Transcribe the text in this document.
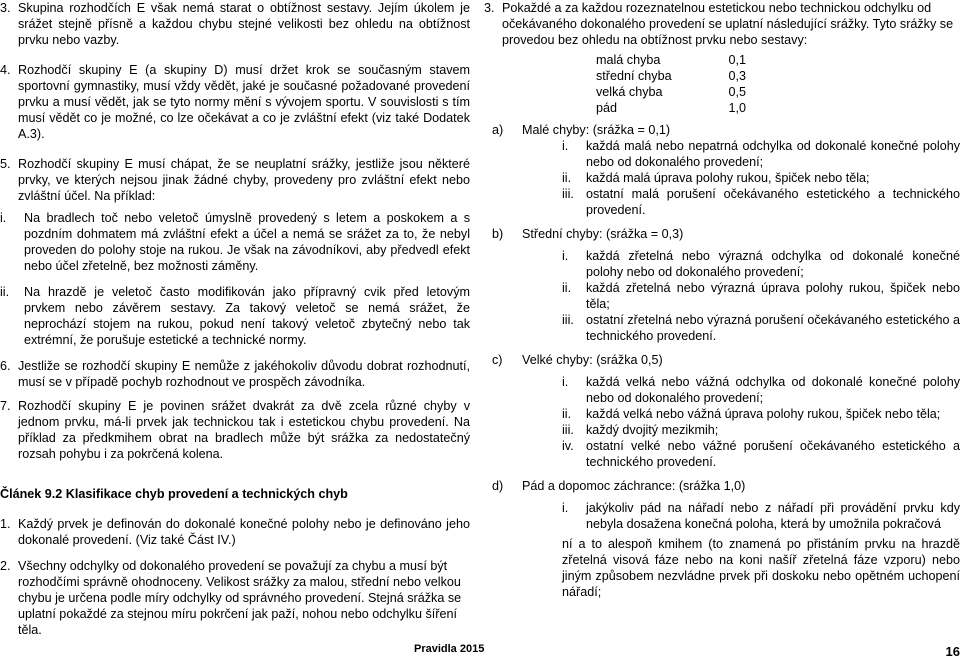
3. Skupina rozhodčích E však nemá starat o obtížnost sestavy. Jejím úkolem je srážet stejně přísně a každou chybu stejné velikosti bez ohledu na obtížnost prvku nebo vazby.
4. Rozhodčí skupiny E (a skupiny D) musí držet krok se současným stavem sportovní gymnastiky, musí vždy vědět, jaké je současné požadované provedení prvku a musí vědět, jak se tyto normy mění s vývojem sportu. V souvislosti s tím musí vědět co je možné, co lze očekávat a co je zvláštní efekt (viz také Dodatek A.3).
5. Rozhodčí skupiny E musí chápat, že se neuplatní srážky, jestliže jsou některé prvky, ve kterých nejsou jinak žádné chyby, provedeny pro zvláštní efekt nebo zvláštní účel. Na příklad:
i.	Na bradlech toč nebo veletoč úmyslně provedený s letem a poskokem a s pozdním dohmatem má zvláštní efekt a účel a nemá se srážet za to, že nebyl proveden do polohy stoje na rukou. Je však na závodníkovi, aby předvedl efekt nebo účel zřetelně, bez možnosti záměny.
ii.	Na hrazdě je veletoč často modifikován jako přípravný cvik před letovým prvkem nebo závěrem sestavy. Za takový veletoč se nemá srážet, že neprochází stojem na rukou, pokud není takový veletoč zbytečný nebo tak extrémní, že porušuje estetické a technické normy.
6. Jestliže se rozhodčí skupiny E nemůže z jakéhokoliv důvodu dobrat rozhodnutí, musí se v případě pochyb rozhodnout ve prospěch závodníka.
7. Rozhodčí skupiny E je povinen srážet dvakrát za dvě zcela různé chyby v jednom prvku, má-li prvek jak technickou tak i estetickou chybu provedení. Na příklad za předkmihem obrat na bradlech může být srážka za nedostatečný rozsah pohybu i za pokrčená kolena.
Článek 9.2 Klasifikace chyb provedení a technických chyb
1. Každý prvek je definován do dokonalé konečné polohy nebo je definováno jeho dokonalé provedení. (Viz také Část IV.)
2. Všechny odchylky od dokonalého provedení se považují za chybu a musí být rozhodčími správně ohodnoceny. Velikost srážky za malou, střední nebo velkou chybu je určena podle míry odchylky od správného provedení. Stejná srážka se uplatní pokaždé za stejnou míru pokrčení jak paží, nohou nebo odchylku šíření těla.
3. Pokaždé a za každou rozeznatelnou estetickou nebo technickou odchylku od očekávaného dokonalého provedení se uplatní následující srážky. Tyto srážky se provedou bez ohledu na obtížnost prvku nebo sestavy:
malá chyba	0,1
střední chyba	0,3
velká chyba	0,5
pád	1,0
a)	Malé chyby: (srážka = 0,1)
i.	každá malá nebo nepatrná odchylka od dokonalé konečné polohy nebo od dokonalého provedení;
ii.	každá malá úprava polohy rukou, špiček nebo těla;
iii. ostatní malá porušení očekávaného estetického a technického provedení.
b)	Střední chyby: (srážka = 0,3)
i.	každá zřetelná nebo výrazná odchylka od dokonalé konečné polohy nebo od dokonalého provedení;
ii.	každá zřetelná nebo výrazná úprava polohy rukou, špiček nebo těla;
iii. ostatní zřetelná nebo výrazná porušení očekávaného estetického a technického provedení.
c)	Velké chyby: (srážka 0,5)
i.	každá velká nebo vážná odchylka od dokonalé konečné polohy nebo od dokonalého provedení;
ii.	každá velká nebo vážná úprava polohy rukou, špiček nebo těla;
iii. každý dvojitý mezikmih;
iv. ostatní velké nebo vážné porušení očekávaného estetického a technického provedení.
d)	Pád a dopomoc záchrance: (srážka 1,0)
i.	jakýkoliv pád na nářadí nebo z nářadí při provádění prvku kdy nebyla dosažena konečná poloha, která by umožnila pokračová
ní a to alespoň kmihem (to znamená po přistáním prvku na hrazdě zřetelná visová fáze nebo na koni našíř zřetelná fáze vzporu) nebo jiným způsobem nezvládne prvek při doskoku nebo opětném uchopení nářadí;
Pravidla 2015	16
